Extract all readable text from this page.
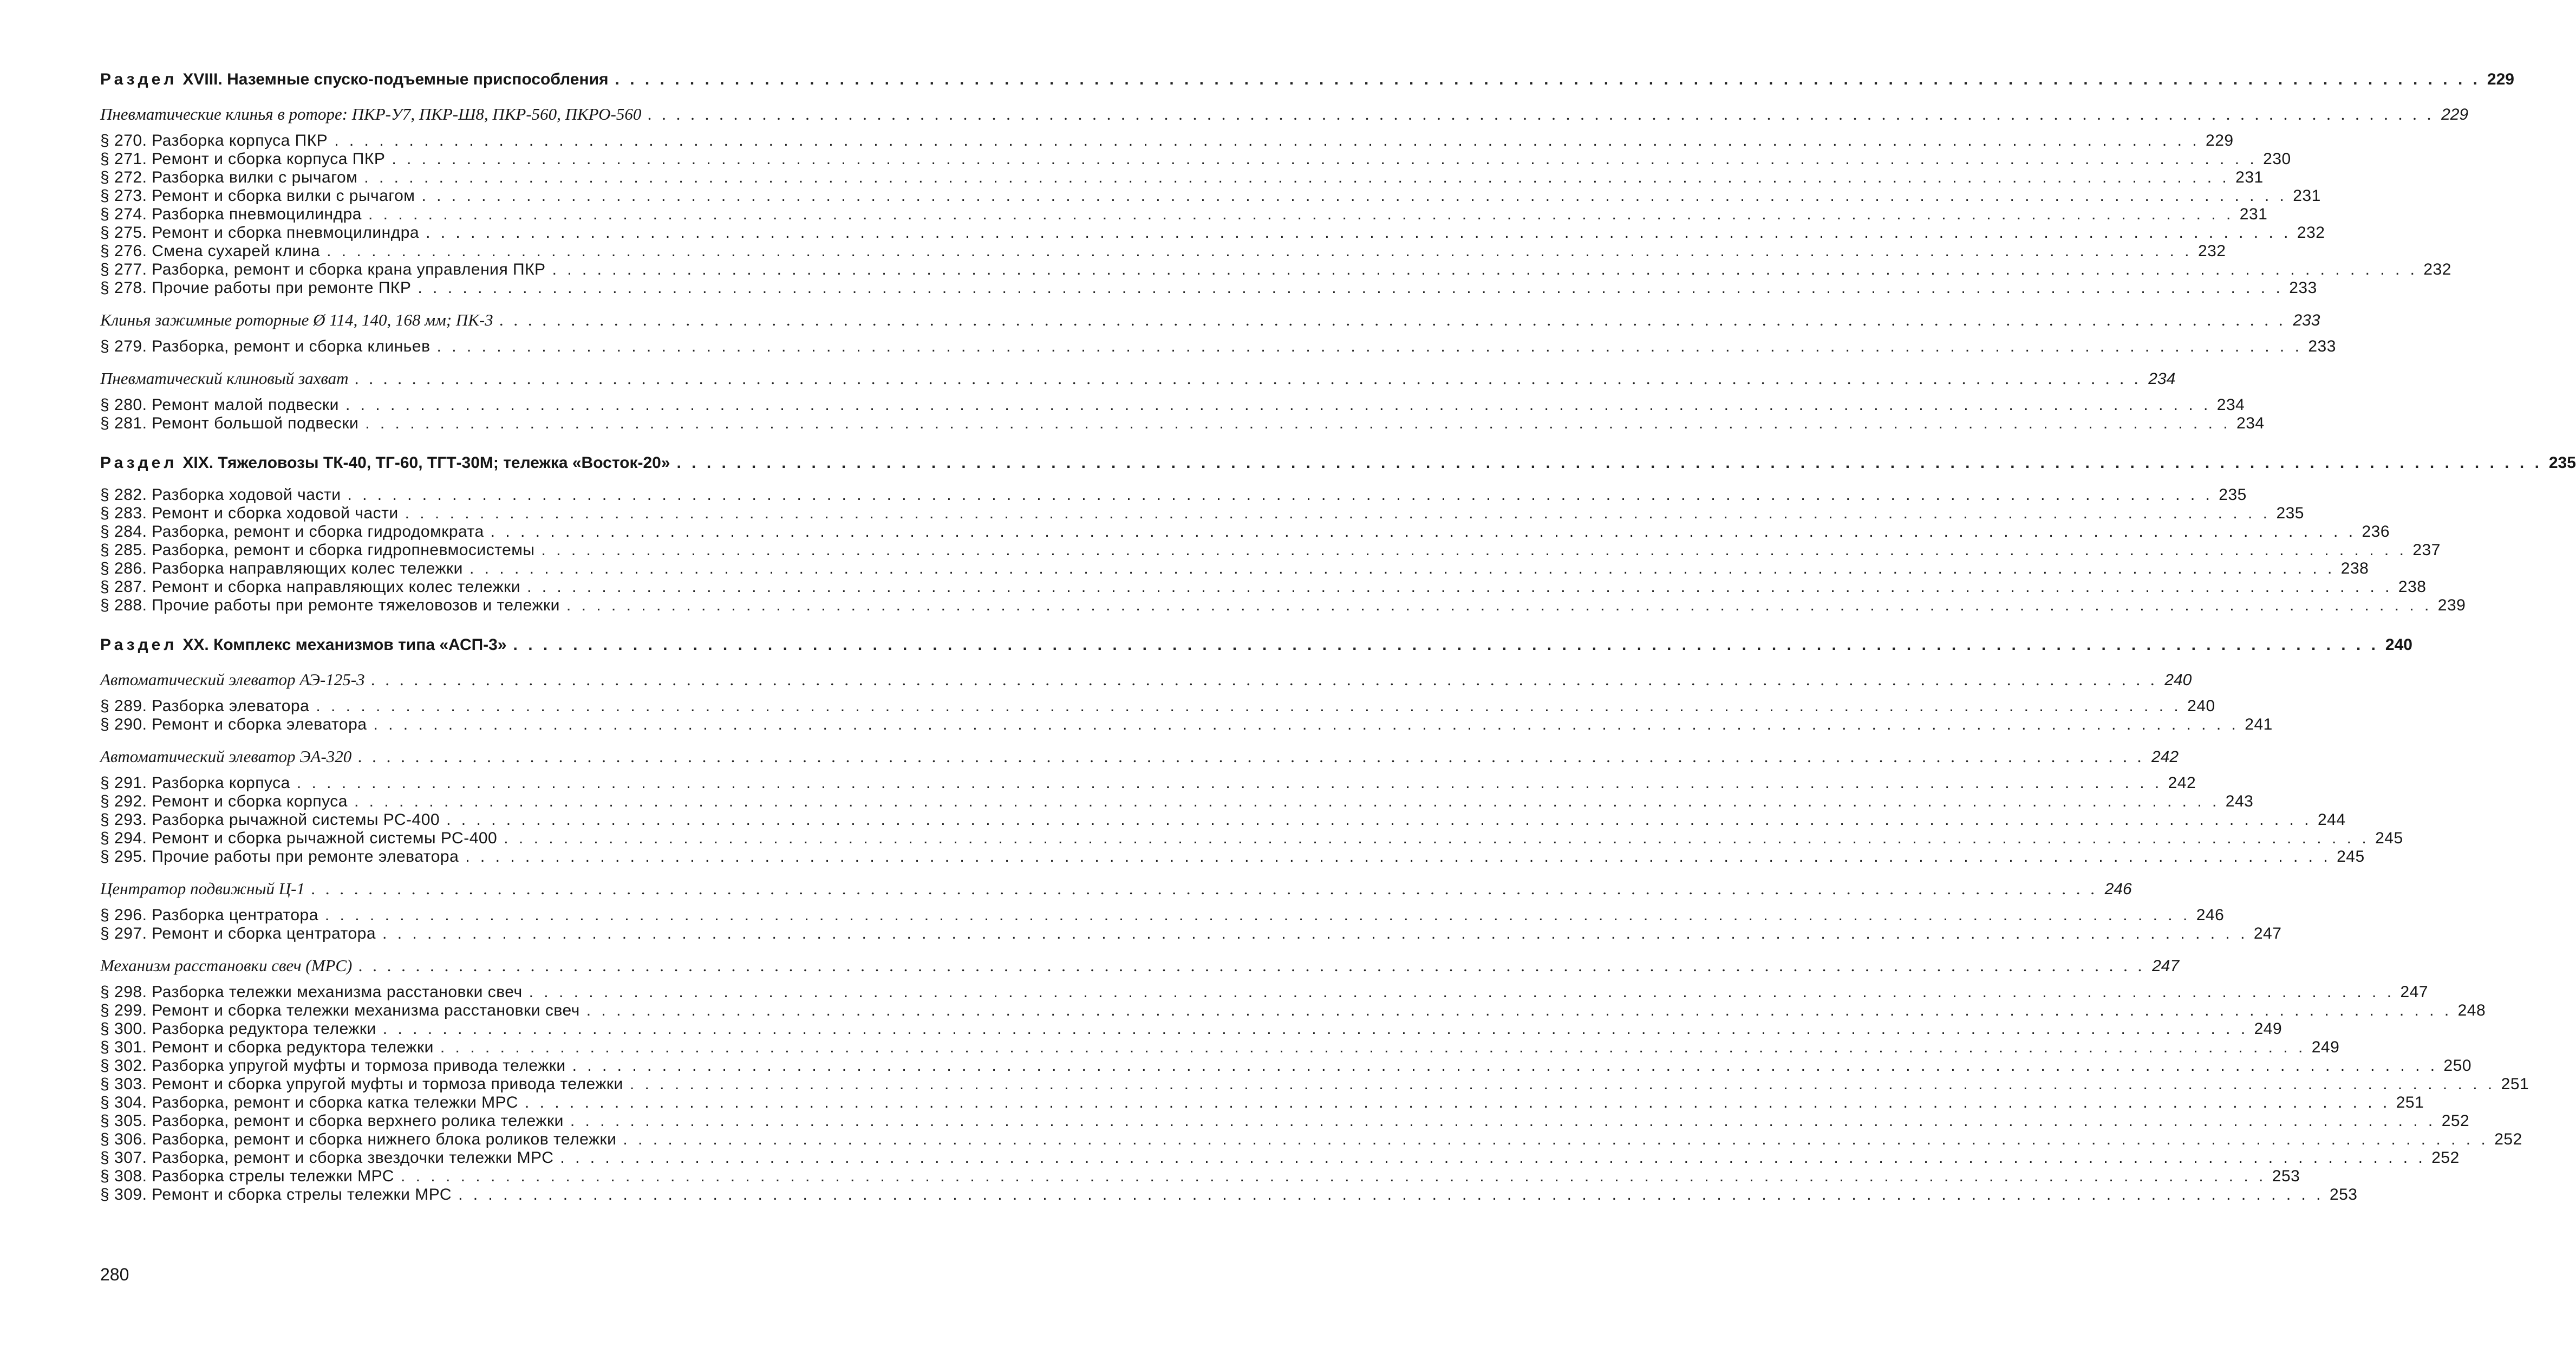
Раздел XVIII. Наземные спуско-подъемные приспособления . . .	229
Пневматические клинья в роторе: ПКР-У7, ПКР-Ш8, ПКР-560, ПКРО-560 . . .	229
§ 270. Разборка корпуса ПКР . . .	229
§ 271. Ремонт и сборка корпуса ПКР . . .	230
§ 272. Разборка вилки с рычагом . . .	231
§ 273. Ремонт и сборка вилки с рычагом . . .	231
§ 274. Разборка пневмоцилиндра . . .	231
§ 275. Ремонт и сборка пневмоцилиндра . . .	232
§ 276. Смена сухарей клина . . .	232
§ 277. Разборка, ремонт и сборка крана управления ПКР . . .	232
§ 278. Прочие работы при ремонте ПКР . . .	233
Клинья зажимные роторные Ø 114, 140, 168 мм; ПК-3 . . .	233
§ 279. Разборка, ремонт и сборка клиньев . . .	233
Пневматический клиновый захват . . .	234
§ 280. Ремонт малой подвески . . .	234
§ 281. Ремонт большой подвески . . .	234
Раздел XIX. Тяжеловозы ТК-40, ТГ-60, ТГТ-30М; тележка «Восток-20» . . .	235
§ 282. Разборка ходовой части . . .	235
§ 283. Ремонт и сборка ходовой части . . .	235
§ 284. Разборка, ремонт и сборка гидродомкрата . . .	236
§ 285. Разборка, ремонт и сборка гидропневмосистемы . . .	237
§ 286. Разборка направляющих колес тележки . . .	238
§ 287. Ремонт и сборка направляющих колес тележки . . .	238
§ 288. Прочие работы при ремонте тяжеловозов и тележки . . .	239
Раздел XX. Комплекс механизмов типа «АСП-3» . . .	240
Автоматический элеватор АЭ-125-3 . . .	240
§ 289. Разборка элеватора . . .	240
§ 290. Ремонт и сборка элеватора . . .	241
Автоматический элеватор ЭА-320 . . .	242
§ 291. Разборка корпуса . . .	242
§ 292. Ремонт и сборка корпуса . . .	243
§ 293. Разборка рычажной системы РС-400 . . .	244
§ 294. Ремонт и сборка рычажной системы РС-400 . . .	245
§ 295. Прочие работы при ремонте элеватора . . .	245
Центратор подвижный Ц-1 . . .	246
§ 296. Разборка центратора . . .	246
§ 297. Ремонт и сборка центратора . . .	247
Механизм расстановки свеч (МРС) . . .	247
§ 298. Разборка тележки механизма расстановки свеч . . .	247
§ 299. Ремонт и сборка тележки механизма расстановки свеч . . .	248
§ 300. Разборка редуктора тележки . . .	249
§ 301. Ремонт и сборка редуктора тележки . . .	249
§ 302. Разборка упругой муфты и тормоза привода тележки . . .	250
§ 303. Ремонт и сборка упругой муфты и тормоза привода тележки . . .	251
§ 304. Разборка, ремонт и сборка катка тележки МРС . . .	251
§ 305. Разборка, ремонт и сборка верхнего ролика тележки . . .	252
§ 306. Разборка, ремонт и сборка нижнего блока роликов тележки . . .	252
§ 307. Разборка, ремонт и сборка звездочки тележки МРС . . .	252
§ 308. Разборка стрелы тележки МРС . . .	253
§ 309. Ремонт и сборка стрелы тележки МРС . . .	253
280
